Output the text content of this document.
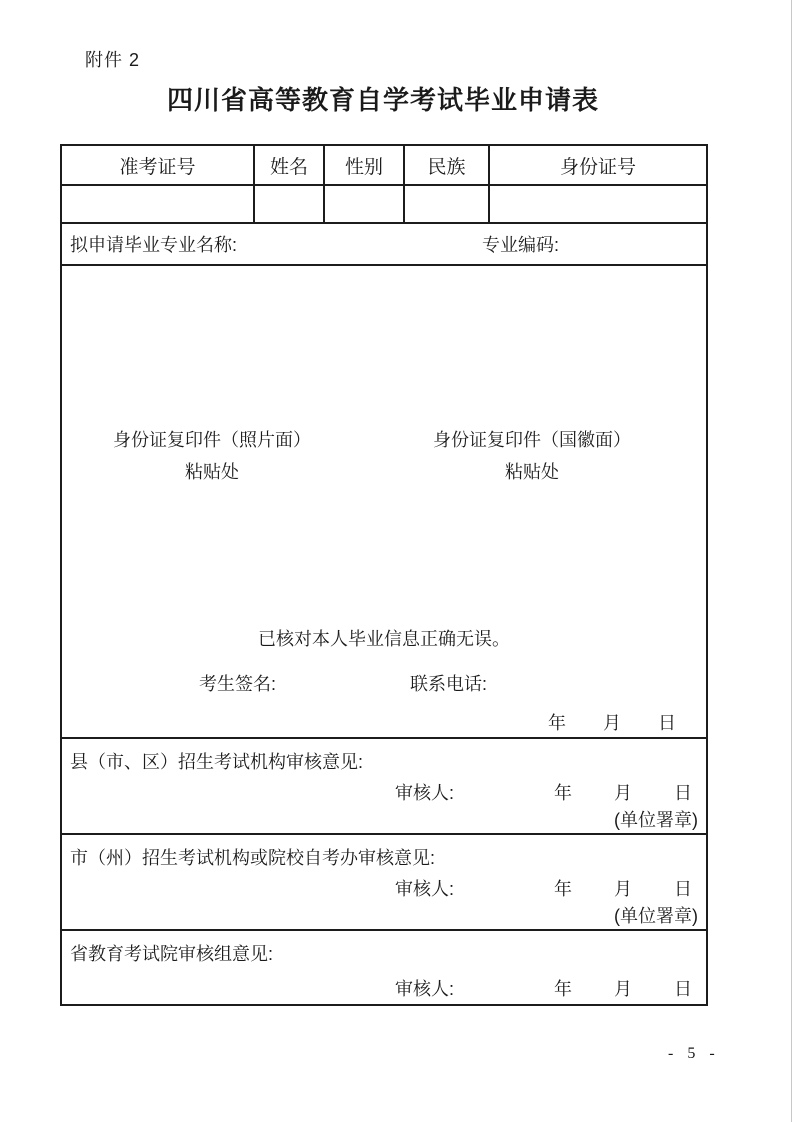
附件 2
四川省高等教育自学考试毕业申请表
准考证号	姓名	性别	民族	身份证号
拟申请毕业专业名称:	专业编码:
身份证复印件（照片面）
粘贴处
身份证复印件（国徽面）
粘贴处
已核对本人毕业信息正确无误。
考生签名:	联系电话:
年 月 日
县（市、区）招生考试机构审核意见:
审核人:	年 月 日
(单位署章)
市（州）招生考试机构或院校自考办审核意见:
审核人:	年 月 日
(单位署章)
省教育考试院审核组意见:
审核人:	年 月 日
- 5 -
